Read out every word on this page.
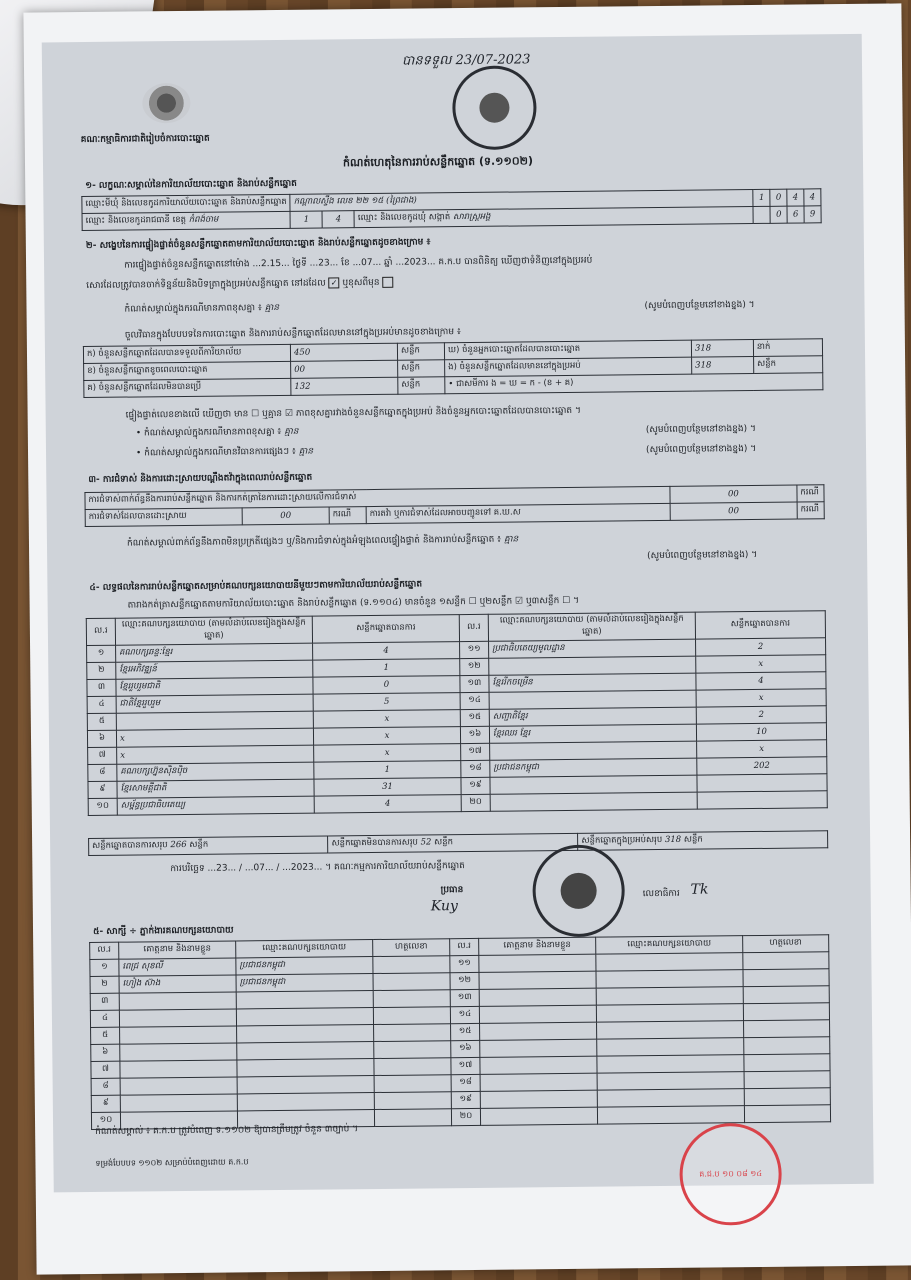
គណៈកម្មាធិការជាតិរៀបចំការបោះឆ្នោត
បានទទួល 23/07-2023
កំណត់ហេតុនៃការរាប់សន្លឹកឆ្នោត (ទ.១១០២)
១- លក្ខណៈសម្គាល់នៃការិយាល័យបោះឆ្នោត និងរាប់សន្លឹកឆ្នោត
ឈ្មោះមីឃុំ និងលេខកូដការិយាល័យបោះឆ្នោត និងរាប់សន្លឹកឆ្នោត	កណ្តាលស្ទឹង លេខ ២២ ១៥ (ព្រៃជាង)			1	0	4	4
ឈ្មោះ និងលេខកូដរាជធានី ខេត្ត កំពង់ចាម	1	4	ឈ្មោះ និងលេខកូដឃុំ សង្កាត់ សារាស្រ្តអង្គ		0	6	9
២- សង្ខេបនៃការផ្ទៀងផ្ទាត់ចំនួនសន្លឹកឆ្នោតតាមការិយាល័យបោះឆ្នោត និងរាប់សន្លឹកឆ្នោតដូចខាងក្រោម ៖
ការផ្ទៀងផ្ទាត់ចំនួនសន្លឹកឆ្នោតនៅម៉ោង ...2.15... ថ្ងៃទី ...23... ខែ ...07... ឆ្នាំ ...2023... គ.ក.ប បានពិនិត្យ ឃើញថាទំនិញនៅក្នុងប្រអប់
សោរដែលត្រូវបានចាក់ទិន្នន័យនិងបិទត្រាក្នុងប្រអប់សន្លឹកឆ្នោត នៅដដែល ✓ ឬខុសពីមុន
កំណត់សម្គាល់ក្នុងករណីមានភាពខុសគ្នា ៖ គ្មាន	(សូមបំពេញបន្ថែមនៅខាងខ្នង) ។
ចួលវិធានក្នុងបែបបទនៃការបោះឆ្នោត និងការរាប់សន្លឹកឆ្នោតដែលមាននៅក្នុងប្រអប់មានដូចខាងក្រោម ៖
ក) ចំនួនសន្លឹកឆ្នោតដែលបានទទួលពីការិយាល័យ	450	សន្លឹក	ឃ) ចំនួនអ្នកបោះឆ្នោតដែលបានបោះឆ្នោត	318	នាក់
ខ) ចំនួនសន្លឹកឆ្នោតខូចពេលបោះឆ្នោត	00	សន្លឹក	ង) ចំនួនសន្លឹកឆ្នោតដែលមាននៅក្នុងប្រអប់	318	សន្លឹក
គ) ចំនួនសន្លឹកឆ្នោតដែលមិនបានប្រើ	132	សន្លឹក	• ជាសមីការ ង = ឃ = ក - (ខ + គ)		
ផ្ទៀងផ្ទាត់លេខខាងលើ ឃើញថា មាន ☐ ឬគ្មាន ☑ ភាពខុសគ្នារវាងចំនួនសន្លឹកឆ្នោតក្នុងប្រអប់ និងចំនួនអ្នកបោះឆ្នោតដែលបានបោះឆ្នោត ។
• កំណត់សម្គាល់ក្នុងករណីមានភាពខុសគ្នា ៖ គ្មាន	(សូមបំពេញបន្ថែមនៅខាងខ្នង) ។
• កំណត់សម្គាល់ក្នុងករណីមានវិធានការផ្សេងៗ ៖ គ្មាន	(សូមបំពេញបន្ថែមនៅខាងខ្នង) ។
៣- ការជំទាស់ និងការដោះស្រាយបណ្តឹងតវ៉ាក្នុងពេលរាប់សន្លឹកឆ្នោត
ការជំទាស់ពាក់ព័ន្ធនឹងការរាប់សន្លឹកឆ្នោត និងការកត់ត្រានៃការដោះស្រាយលើការជំទាស់				00	ករណី
ការជំទាស់ដែលបានដោះស្រាយ	00	ករណី	ការតវ៉ា ឬការជំទាស់ដែលអាចបញ្ជូនទៅ គ.ឃ.ស	00	ករណី
កំណត់សម្គាល់ពាក់ព័ន្ធនឹងភាពមិនប្រក្រតីផ្សេងៗ ឬ/និងការជំទាស់ក្នុងអំឡុងពេលផ្ទៀងផ្ទាត់ និងការរាប់សន្លឹកឆ្នោត ៖ គ្មាន
(សូមបំពេញបន្ថែមនៅខាងខ្នង) ។
៤- លទ្ធផលនៃការរាប់សន្លឹកឆ្នោតសម្រាប់គណបក្សនយោបាយនីមួយៗតាមការិយាល័យរាប់សន្លឹកឆ្នោត
តារាងកត់ត្រាសន្លឹកឆ្នោតតាមការិយាល័យបោះឆ្នោត និងរាប់សន្លឹកឆ្នោត (ទ.១១០៤) មានចំនួន ១សន្លឹក ☐ ឬ២សន្លឹក ☑ ឬ៣សន្លឹក ☐ ។
ល.រ	ឈ្មោះគណបក្សនយោបាយ (តាមលំដាប់លេខរៀងក្នុងសន្លឹកឆ្នោត)	សន្លឹកឆ្នោតបានការ	ល.រ	ឈ្មោះគណបក្សនយោបាយ (តាមលំដាប់លេខរៀងក្នុងសន្លឹកឆ្នោត)	សន្លឹកឆ្នោតបានការ
១	គណបក្សឆន្ទៈខ្មែរ	4	១១	ប្រជាធិបតេយ្យមូលដ្ឋាន	2
២	ខ្មែរអភិវឌ្ឍន៍	1	១២		x
៣	ខ្មែររួបរួមជាតិ	0	១៣	ខ្មែររីកចម្រើន	4
៤	ជាតិខ្មែររួបរួម	5	១៤		x
៥		x	១៥	សញ្ជាតិខ្មែរ	2
៦	x	x	១៦	ខ្មែរឈរ ខ្មែរ	10
៧	x	x	១៧		x
៨	គណបក្សហ្វ៊ុនស៊ិនប៉ិច	1	១៨	ប្រជាជនកម្ពុជា	202
៩	ខ្មែរសាមគ្គីជាតិ	31	១៩		
១០	សម្ព័ន្ធប្រជាធិបតេយ្យ	4	២០		
សន្លឹកឆ្នោតបានការសរុប 266 សន្លឹក	សន្លឹកឆ្នោតមិនបានការសរុប 52 សន្លឹក	សន្លឹកឆ្នោតក្នុងប្រអប់សរុប 318 សន្លឹក
ការបរិច្ឆេទ ...23... / ...07... / ...2023... ។ គណៈកម្មការការិយាល័យរាប់សន្លឹកឆ្នោត
ប្រធាន
Kuy
លេខាធិការ Tk
៥- សាក្សី ÷ ភ្នាក់ងារគណបក្សនយោបាយ
ល.រ	គោត្តនាម និងនាមខ្លួន	ឈ្មោះគណបក្សនយោបាយ	ហត្ថលេខា	ល.រ	គោត្តនាម និងនាមខ្លួន	ឈ្មោះគណបក្សនយោបាយ	ហត្ថលេខា
១	ពេជ្រ សុខលី	ប្រជាជនកម្ពុជា		១១			
២	ហៀង ស៊ាង	ប្រជាជនកម្ពុជា		១២			
៣				១៣			
៤				១៤			
៥				១៥			
៦				១៦			
៧				១៧			
៨				១៨			
៩				១៩			
១០				២០			
កំណត់សម្គាល់ ៖ គ.ក.ប ត្រូវបំពេញ ទ.១១០២ ឱ្យបានត្រឹមត្រូវ ចំនួន ៣ច្បាប់ ។
ទម្រង់បែបបទ ១១០២ សម្រាប់បំពេញដោយ គ.ក.ប
គ.ជ.ប ១០ ០៨ ១៤
